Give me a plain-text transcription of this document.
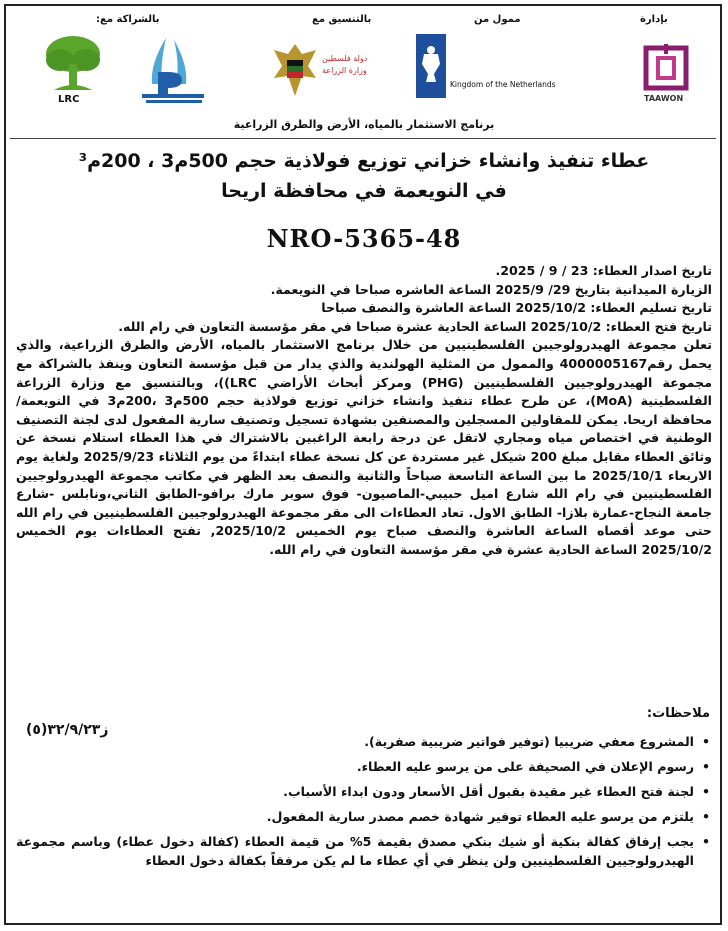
بالشراكة مع:	بالتنسيق مع	ممول من	بإدارة
LRC
دولة فلسطين
وزارة الزراعة
Kingdom of the Netherlands
TAAWON
برنامج الاستثمار بالمياه، الأرض والطرق الزراعية
عطاء تنفيذ وانشاء خزاني توزيع فولاذية حجم 500م3 ، 200م³
في النويعمة في محافظة اريحا
NRO-5365-48

تاريخ اصدار العطاء: 23 / 9 / 2025.

الزيارة الميدانية بتاريخ 29/ 2025/9 الساعة العاشره صباحا في النويعمة.

تاريخ تسليم العطاء: 2025/10/2 الساعة العاشرة والنصف صباحا

تاريخ فتح العطاء: 2025/10/2 الساعة الحادية عشرة صباحا في مقر مؤسسة التعاون في رام الله.

تعلن مجموعة الهيدرولوجيين الفلسطينيين من خلال برنامج الاستثمار بالمياه، الأرض والطرق الزراعية، والذي يحمل رقم4000005167 والممول من المثلية الهولندية والذي يدار من قبل مؤسسة التعاون وينفذ بالشراكة مع مجموعة الهيدرولوجيين الفلسطينيين (PHG) ومركز أبحاث الأراضي LRC))، وبالتنسيق مع وزارة الزراعة الفلسطينية (MoA)، عن طرح عطاء تنفيذ وانشاء خزاني توزيع فولاذية حجم 500م3 ،200م3 في النويعمة/ محافظة اريحا. يمكن للمقاولين المسجلين والمصنفين بشهادة تسجيل وتصنيف سارية المفعول لدى لجنة التصنيف الوطنية في اختصاص مياه ومجاري لاتقل عن درجة رابعة الراغبين بالاشتراك في هذا العطاء استلام نسخة عن وثائق العطاء مقابل مبلغ 200 شيكل غير مستردة عن كل نسخة عطاء ابتداءً من يوم الثلاثاء 2025/9/23 ولغاية يوم الاربعاء 2025/10/1 ما بين الساعة التاسعة صباحاً والثانية والنصف بعد الظهر في مكاتب مجموعة الهيدرولوجيين الفلسطينيين في رام الله شارع اميل حبيبي-الماصيون- فوق سوبر مارك برافو-الطابق الثاني،ونابلس -شارع جامعة النجاح-عمارة بلازا- الطابق الاول. تعاد العطاءات الى مقر مجموعة الهيدرولوجيين الفلسطينيين في رام الله حتى موعد أقصاه الساعة العاشرة والنصف صباح يوم الخميس 2025/10/2, تفتح العطاءات يوم الخميس 2025/10/2 الساعة الحادية عشرة في مقر مؤسسة التعاون في رام الله.

ملاحظات:
ز٣٢/٩/٢٣(٥)
• المشروع معفي ضريبيا (توفير فواتير ضريبية صفرية).
• رسوم الإعلان في الصحيفة على من يرسو عليه العطاء.
• لجنة فتح العطاء غير مقيدة بقبول أقل الأسعار ودون ابداء الأسباب.
• يلتزم من يرسو عليه العطاء توفير شهادة خصم مصدر سارية المفعول.
• يجب إرفاق كفالة بنكية أو شيك بنكي مصدق بقيمة 5% من قيمة العطاء (كفالة دخول عطاء) وباسم مجموعة الهيدرولوجيين الفلسطينيين ولن ينظر في أي عطاء ما لم يكن مرفقاً بكفالة دخول العطاء
